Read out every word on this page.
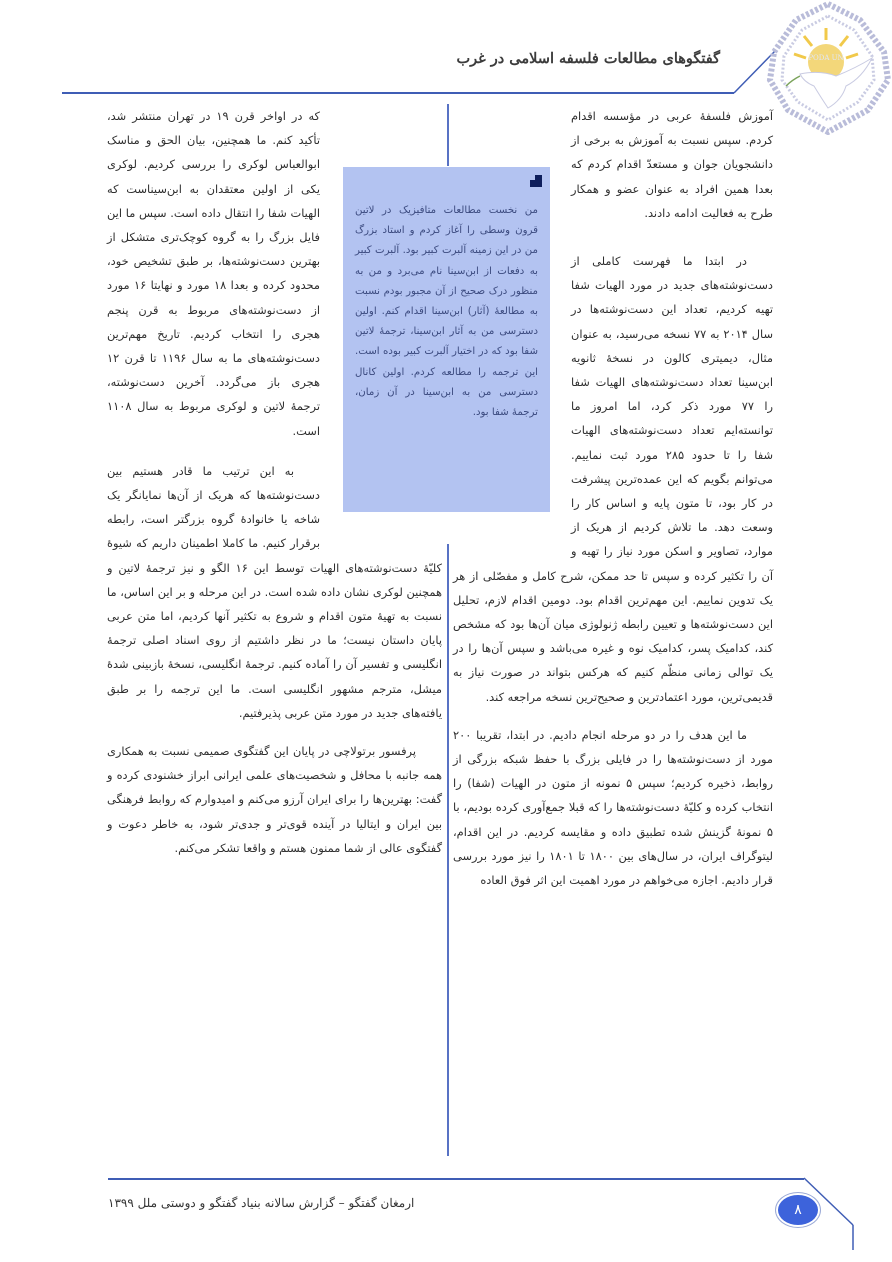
PODA UN
گفتگوهای مطالعات فلسفه اسلامی در غرب

آموزش فلسفهٔ عربی در مؤسسه اقدام کردم. سپس نسبت به آموزش به برخی از دانشجویان جوان و مستعدّ اقدام کردم که بعدا همین افراد به عنوان عضو و همکار طرح به فعالیت ادامه دادند.

در ابتدا ما فهرست کاملی از دست‌نوشته‌های جدید در مورد الهیات شفا تهیه کردیم، تعداد این دست‌نوشته‌ها در سال ۲۰۱۴ به ۷۷ نسخه می‌رسید، به عنوان مثال، دیمیتری کالون در نسخهٔ ثانویه ابن‌سینا تعداد دست‌نوشته‌های الهیات شفا را ۷۷ مورد ذکر کرد، اما امروز ما توانسته‌ایم تعداد دست‌نوشته‌های الهیات شفا را تا حدود ۲۸۵ مورد ثبت نماییم. می‌توانم بگویم که این عمده‌ترین پیشرفت در کار بود، تا متون پایه و اساس کار را وسعت دهد. ما تلاش کردیم از هریک از موارد، تصاویر و اسکن مورد نیاز را تهیه و آن را تکثیر کرده و سپس تا حد ممکن، شرح کامل و مفصّلی از هر یک تدوین نماییم. این مهم‌ترین اقدام بود. دومین اقدام لازم، تحلیل این دست‌نوشته‌ها و تعیین رابطه ژنولوژی میان آن‌ها بود که مشخص کند، کدامیک پسر، کدامیک نوه و غیره می‌باشد و سپس آن‌ها را در یک توالی زمانی منظّم کنیم که هرکس بتواند در صورت نیاز به قدیمی‌ترین، مورد اعتمادترین و صحیح‌ترین نسخه مراجعه کند.

ما این هدف را در دو مرحله انجام دادیم. در ابتدا، تقریبا ۲۰۰ مورد از دست‌نوشته‌ها را در فایلی بزرگ با حفظ شبکه بزرگی از روابط، ذخیره کردیم؛ سپس ۵ نمونه از متون در الهیات (شفا) را انتخاب کرده و کلیّهٔ دست‌نوشته‌ها را که قبلا جمع‌آوری کرده بودیم، با ۵ نمونهٔ گزینش شده تطبیق داده و مقایسه کردیم. در این اقدام، لیتوگراف ایران، در سال‌های بین ۱۸۰۰ تا ۱۸۰۱ را نیز مورد بررسی قرار دادیم. اجازه می‌خواهم در مورد اهمیت این اثر فوق العاده

که در اواخر قرن ۱۹ در تهران منتشر شد، تأکید کنم. ما همچنین، بیان الحق و مناسک ابوالعباس لوکری را بررسی کردیم. لوکری یکی از اولین معتقدان به ابن‌سیناست که الهیات شفا را انتقال داده است. سپس ما این فایل بزرگ را به گروه کوچک‌تری متشکل از بهترین دست‌نوشته‌ها، بر طبق تشخیص خود، محدود کرده و بعدا ۱۸ مورد و نهایتا ۱۶ مورد از دست‌نوشته‌های مربوط به قرن پنجم هجری را انتخاب کردیم. تاریخ مهم‌ترین دست‌نوشته‌های ما به سال ۱۱۹۶ تا قرن ۱۲ هجری باز می‌گردد. آخرین دست‌نوشته، ترجمهٔ لاتین و لوکری مربوط به سال ۱۱۰۸ است.

به این ترتیب ما قادر هستیم بین دست‌نوشته‌ها که هریک از آن‌ها نمایانگر یک شاخه یا خانوادهٔ گروه بزرگتر است، رابطه برقرار کنیم. ما کاملا اطمینان داریم که شیوهٔ کلیّهٔ دست‌نوشته‌های الهیات توسط این ۱۶ الگو و نیز ترجمهٔ لاتین و همچنین لوکری نشان داده شده است. در این مرحله و بر این اساس، ما نسبت به تهیهٔ متون اقدام و شروع به تکثیر آنها کردیم، اما متن عربی پایان داستان نیست؛ ما در نظر داشتیم از روی اسناد اصلی ترجمهٔ انگلیسی و تفسیر آن را آماده کنیم. ترجمهٔ انگلیسی، نسخهٔ بازبینی شدهٔ میشل، مترجم مشهور انگلیسی است. ما این ترجمه را بر طبق یافته‌های جدید در مورد متن عربی پذیرفتیم.

پرفسور برتولاچی در پایان این گفتگوی صمیمی نسبت به همکاری همه جانبه با محافل و شخصیت‌های علمی ایرانی ابراز خشنودی کرده و گفت: بهترین‌ها را برای ایران آرزو می‌کنم و امیدوارم که روابط فرهنگی بین ایران و ایتالیا در آینده قوی‌تر و جدی‌تر شود، به خاطر دعوت و گفتگوی عالی از شما ممنون هستم و واقعا تشکر می‌کنم.

من نخست مطالعات متافیزیک در لاتین قرون وسطی را آغاز کردم و استاد بزرگ من در این زمینه آلبرت کبیر بود. آلبرت کبیر به دفعات از ابن‌سینا نام می‌برد و من به منظور درک صحیح از آن مجبور بودم نسبت به مطالعهٔ (آثار) ابن‌سینا اقدام کنم. اولین دسترسی من به آثار ابن‌سینا، ترجمهٔ لاتین شفا بود که در اختیار آلبرت کبیر بوده است. این ترجمه را مطالعه کردم. اولین کانال دسترسی من به ابن‌سینا در آن زمان، ترجمهٔ شفا بود.

ارمغان گفتگو – گزارش سالانه بنیاد گفتگو و دوستی ملل ۱۳۹۹	۸
